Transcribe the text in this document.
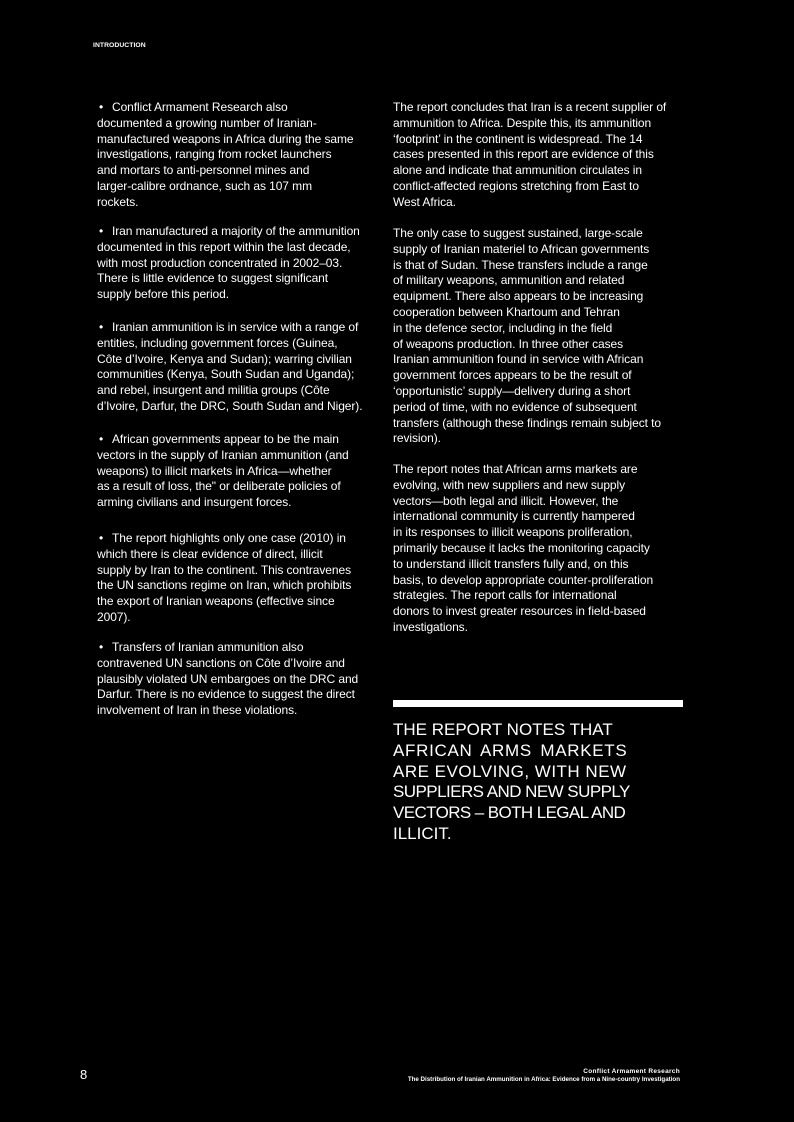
INTRODUCTION
•
Conflict Armament Research also
documented a growing number of Iranian-
manufactured weapons in Africa during the same
investigations, ranging from rocket launchers
and mortars to anti-personnel mines and
larger-calibre ordnance, such as 107 mm
rockets.
•
Iran manufactured a majority of the ammunition
documented in this report within the last decade,
with most production concentrated in 2002–03.
There is little evidence to suggest significant
supply before this period.
•
Iranian ammunition is in service with a range of
entities, including government forces (Guinea,
Côte d’Ivoire, Kenya and Sudan); warring civilian
communities (Kenya, South Sudan and Uganda);
and rebel, insurgent and militia groups (Côte
d’Ivoire, Darfur, the DRC, South Sudan and Niger).
•
African governments appear to be the main
vectors in the supply of Iranian ammunition (and
weapons) to illicit markets in Africa—whether
as a result of loss, the" or deliberate policies of
arming civilians and insurgent forces.
•
The report highlights only one case (2010) in
which there is clear evidence of direct, illicit
supply by Iran to the continent. This contravenes
the UN sanctions regime on Iran, which prohibits
the export of Iranian weapons (effective since
2007).
•
Transfers of Iranian ammunition also
contravened UN sanctions on Côte d’Ivoire and
plausibly violated UN embargoes on the DRC and
Darfur. There is no evidence to suggest the direct
involvement of Iran in these violations.
The report concludes that Iran is a recent supplier of
ammunition to Africa. Despite this, its ammunition
‘footprint’ in the continent is widespread. The 14
cases presented in this report are evidence of this
alone and indicate that ammunition circulates in
conflict-affected regions stretching from East to
West Africa.
The only case to suggest sustained, large-scale
supply of Iranian materiel to African governments
is that of Sudan. These transfers include a range
of military weapons, ammunition and related
equipment. There also appears to be increasing
cooperation between Khartoum and Tehran
in the defence sector, including in the field
of weapons production. In three other cases
Iranian ammunition found in service with African
government forces appears to be the result of
‘opportunistic’ supply—delivery during a short
period of time, with no evidence of subsequent
transfers (although these findings remain subject to
revision).
The report notes that African arms markets are
evolving, with new suppliers and new supply
vectors—both legal and illicit. However, the
international community is currently hampered
in its responses to illicit weapons proliferation,
primarily because it lacks the monitoring capacity
to understand illicit transfers fully and, on this
basis, to develop appropriate counter-proliferation
strategies. The report calls for international
donors to invest greater resources in field-based
investigations.
THE REPORT NOTES THAT
AFRICAN ARMS MARKETS
ARE EVOLVING, WITH NEW
SUPPLIERS AND NEW SUPPLY
VECTORS – BOTH LEGAL AND
ILLICIT.
8	Conflict Armament Research
The Distribution of Iranian Ammunition in Africa: Evidence from a Nine-country Investigation
